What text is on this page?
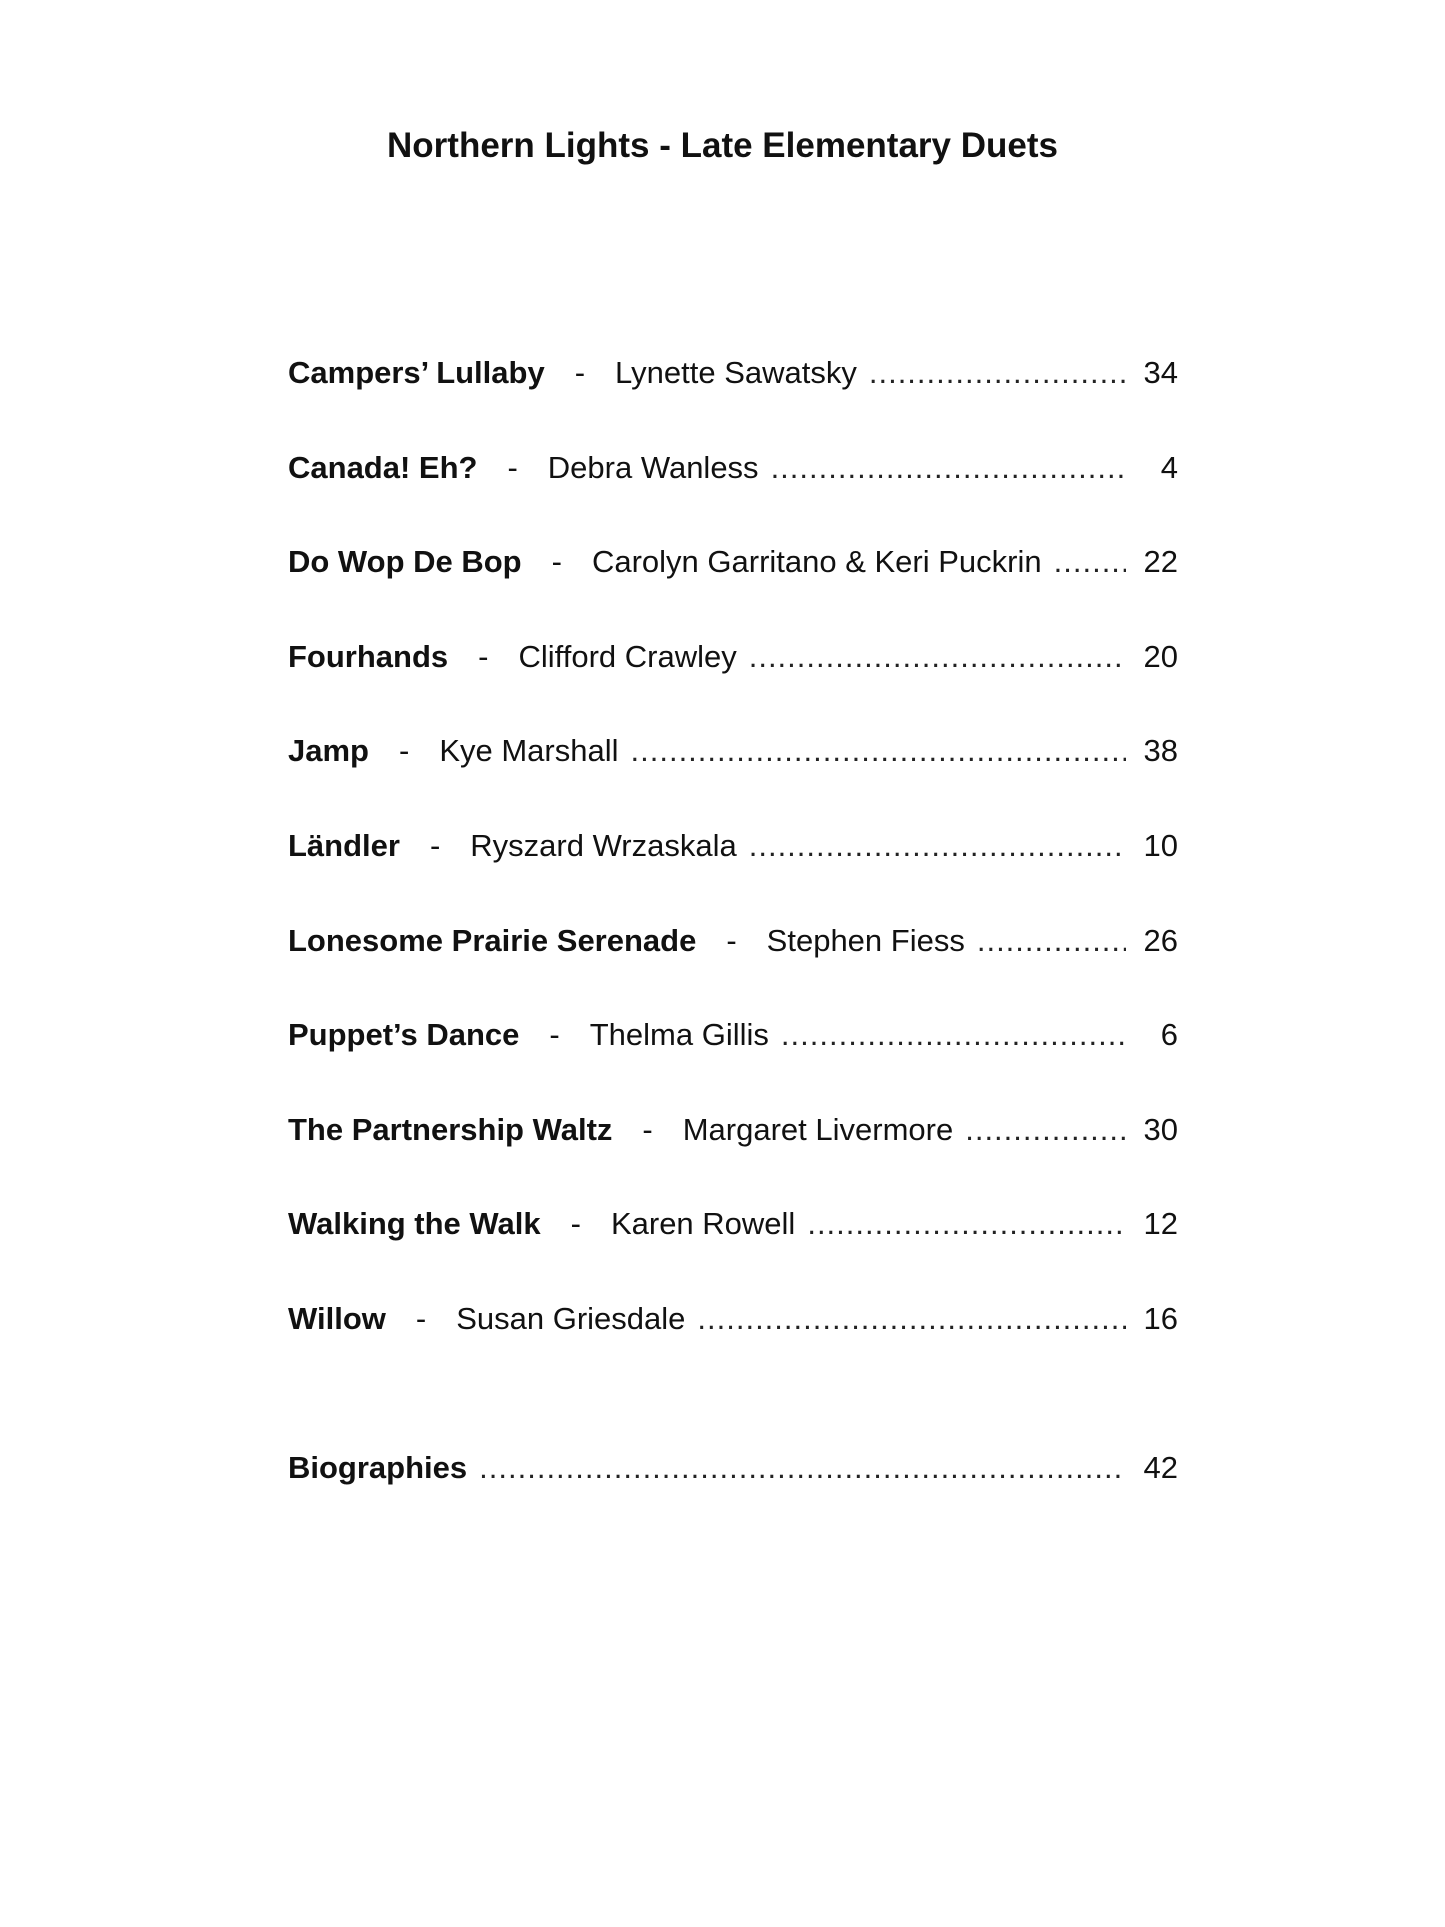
Northern Lights - Late Elementary Duets
Campers’ Lullaby - Lynette Sawatsky .....	34
Canada! Eh? - Debra Wanless .....	4
Do Wop De Bop - Carolyn Garritano & Keri Puckrin .....	22
Fourhands - Clifford Crawley .....	20
Jamp - Kye Marshall .....	38
Ländler - Ryszard Wrzaskala .....	10
Lonesome Prairie Serenade - Stephen Fiess .....	26
Puppet’s Dance - Thelma Gillis .....	6
The Partnership Waltz - Margaret Livermore .....	30
Walking the Walk - Karen Rowell .....	12
Willow - Susan Griesdale .....	16
Biographies .....	42
